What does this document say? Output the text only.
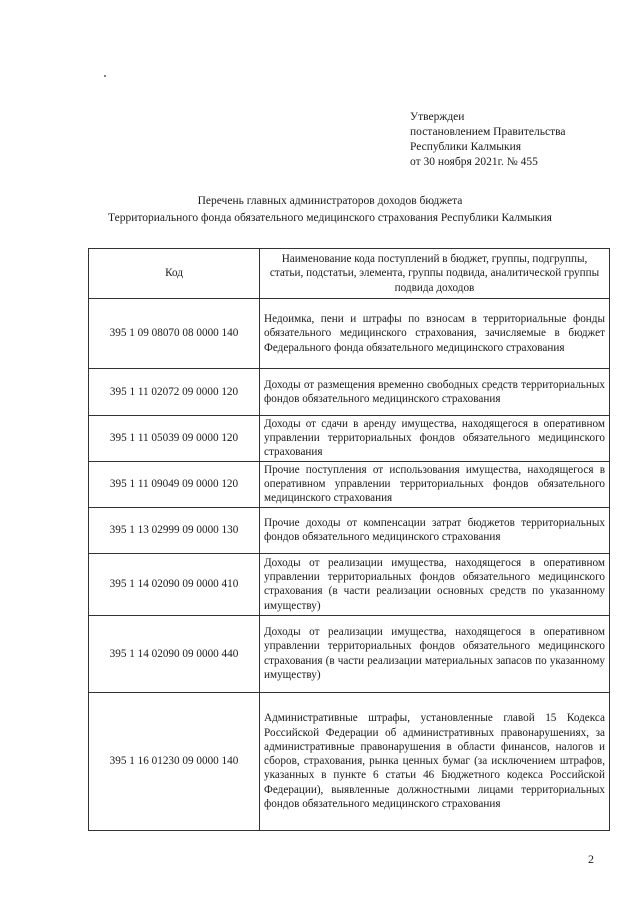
Утверждеи
постановлением Правительства
Республики Калмыкия
от 30 ноября 2021г. № 455
Перечень главных администраторов доходов бюджета
Территориального фонда обязательного медицинского страхования Республики Калмыкия
Код	Наименование кода поступлений в бюджет, группы, подгруппы, статьи, подстатьи, элемента, группы подвида, аналитической группы подвида доходов
395 1 09 08070 08 0000 140	Недоимка, пени и штрафы по взносам в территориальные фонды обязательного медицинского страхования, зачисляемые в бюджет Федерального фонда обязательного медицинского страхования
395 1 11 02072 09 0000 120	Доходы от размещения временно свободных средств территориальных фондов обязательного медицинского страхования
395 1 11 05039 09 0000 120	Доходы от сдачи в аренду имущества, находящегося в оперативном управлении территориальных фондов обязательного медицинского страхования
395 1 11 09049 09 0000 120	Прочие поступления от использования имущества, находящегося в оперативном управлении территориальных фондов обязательного медицинского страхования
395 1 13 02999 09 0000 130	Прочие доходы от компенсации затрат бюджетов территориальных фондов обязательного медицинского страхования
395 1 14 02090 09 0000 410	Доходы от реализации имущества, находящегося в оперативном управлении территориальных фондов обязательного медицинского страхования (в части реализации основных средств по указанному имуществу)
395 1 14 02090 09 0000 440	Доходы от реализации имущества, находящегося в оперативном управлении территориальных фондов обязательного медицинского страхования (в части реализации материальных запасов по указанному имуществу)
395 1 16 01230 09 0000 140	Административные штрафы, установленные главой 15 Кодекса Российской Федерации об административных правонарушениях, за административные правонарушения в области финансов, налогов и сборов, страхования, рынка ценных бумаг (за исключением штрафов, указанных в пункте 6 статьи 46 Бюджетного кодекса Российской Федерации), выявленные должностными лицами территориальных фондов обязательного медицинского страхования
2
